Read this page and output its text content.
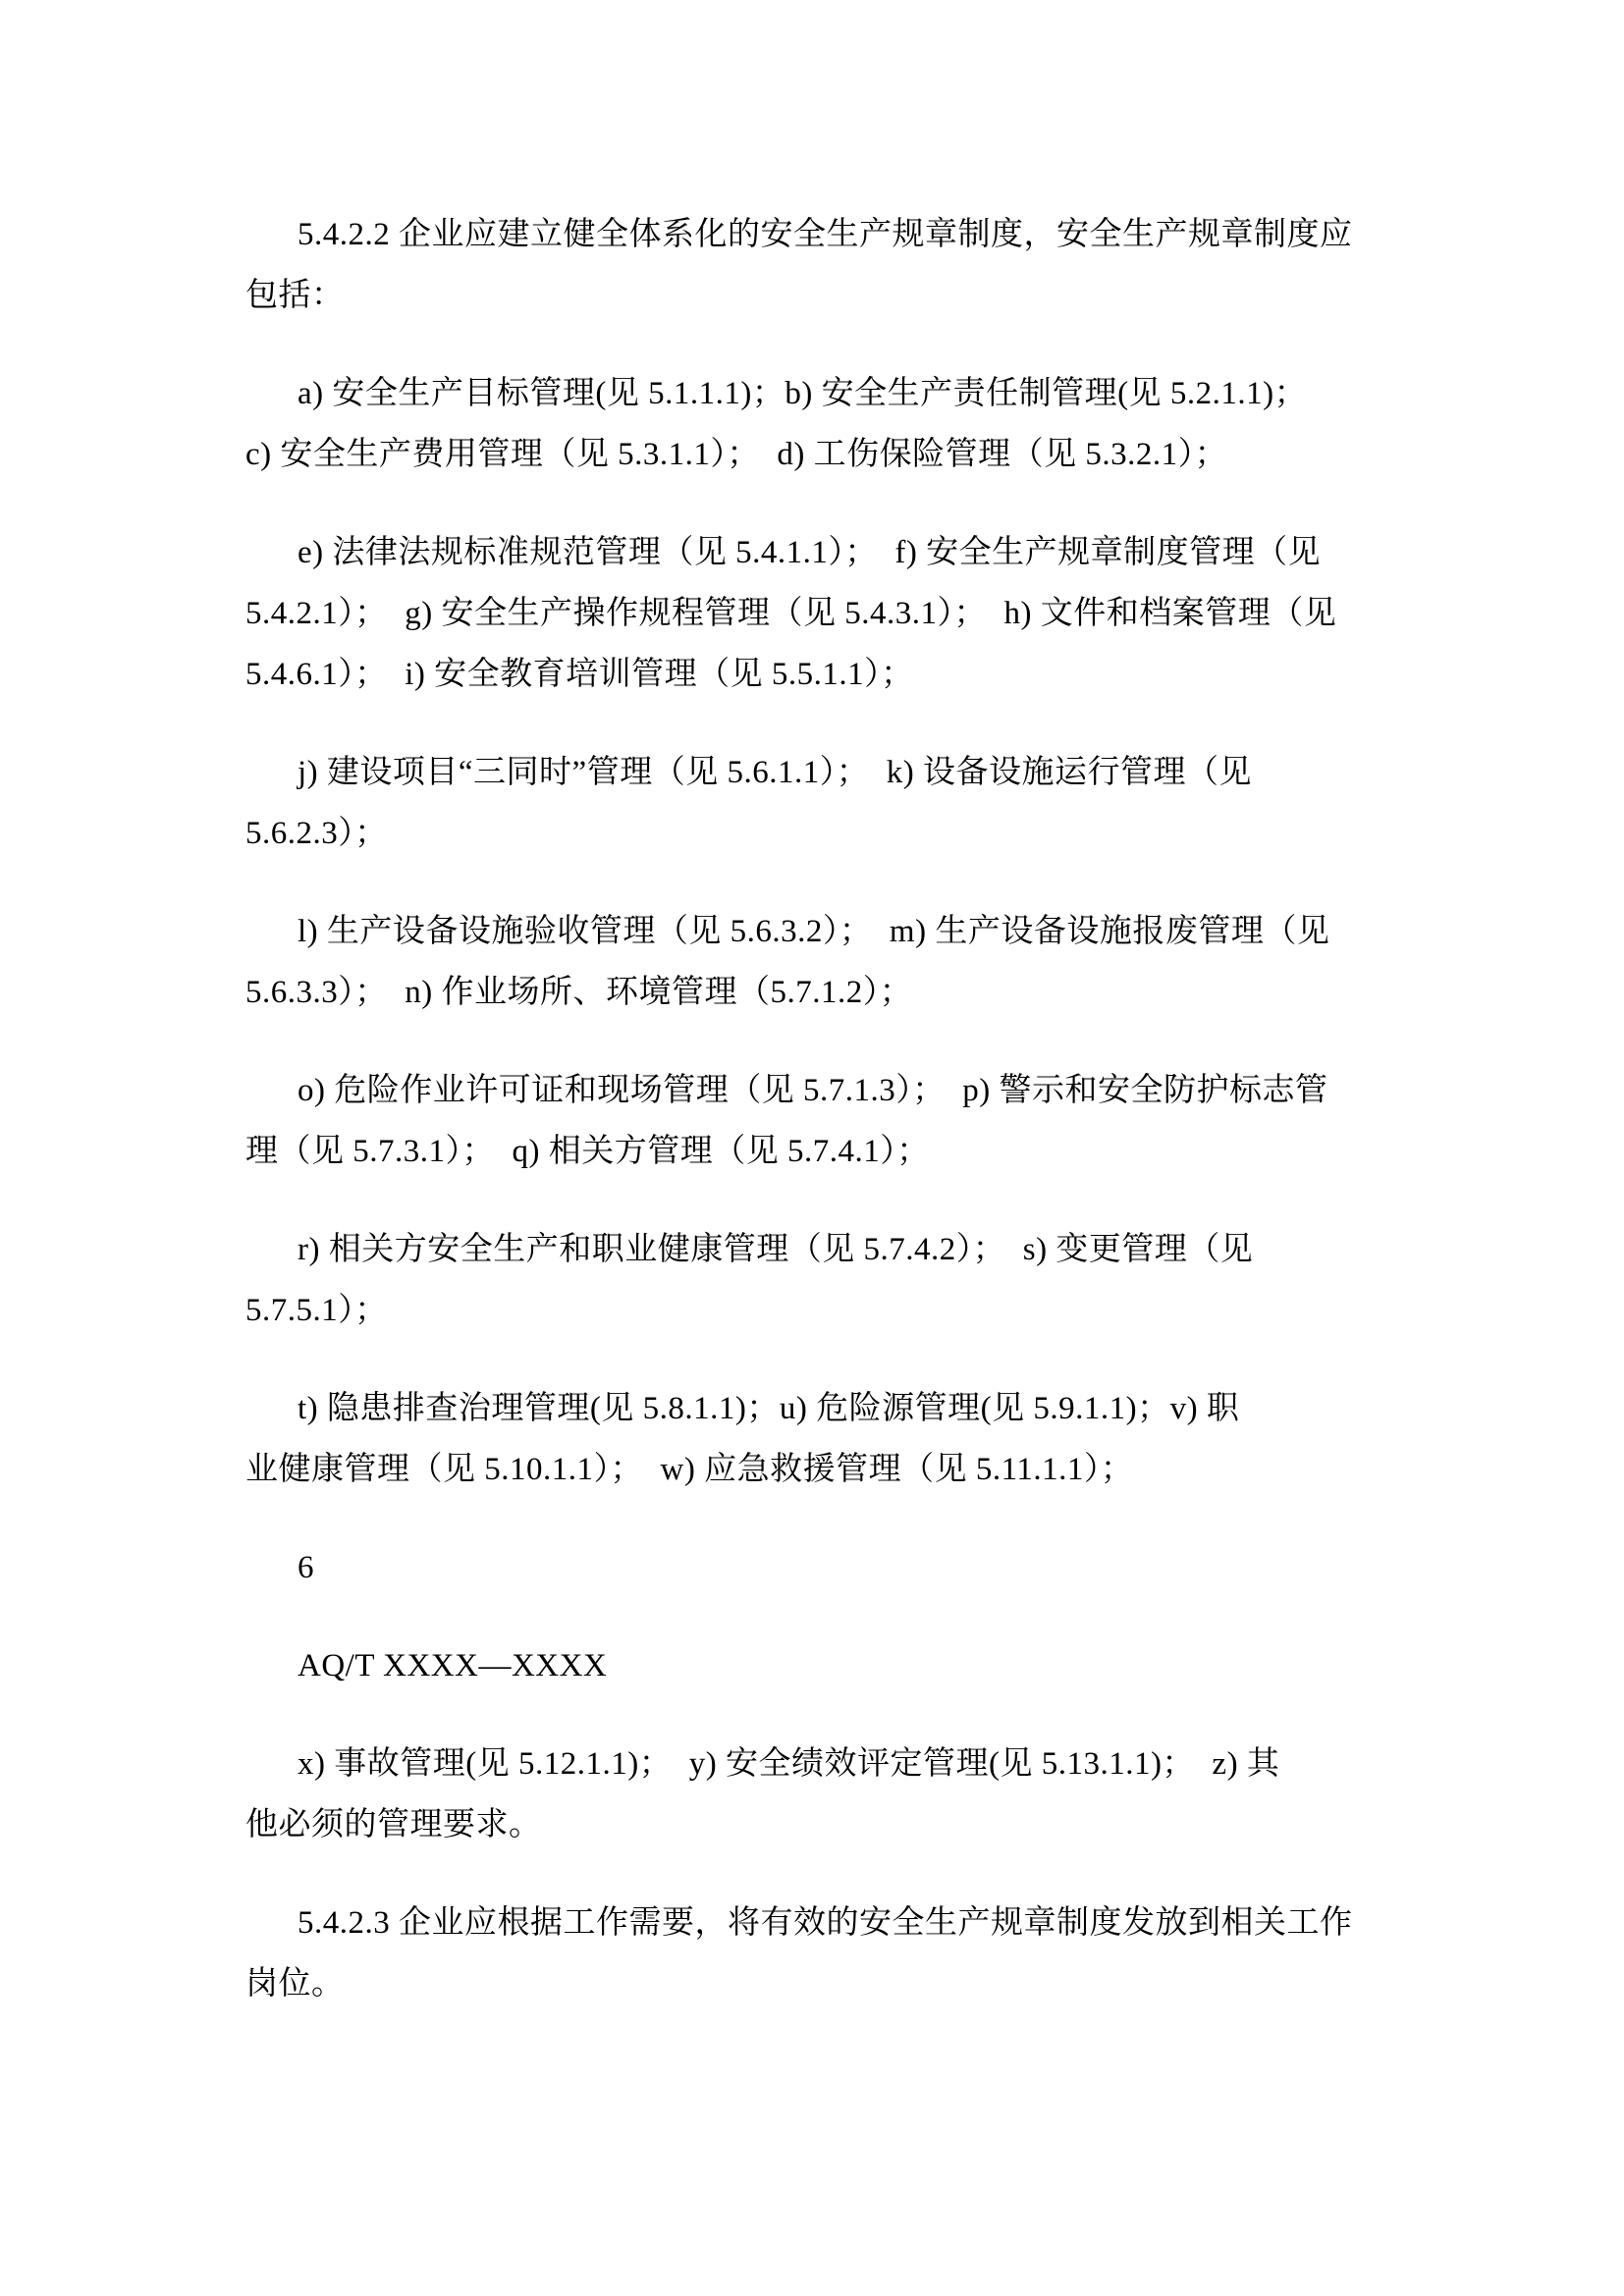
5.4.2.2 企业应建立健全体系化的安全生产规章制度，安全生产规章制度应
包括：
a) 安全生产目标管理(见 5.1.1.1)；b) 安全生产责任制管理(见 5.2.1.1)；
c) 安全生产费用管理（见 5.3.1.1）；  d) 工伤保险管理（见 5.3.2.1）；
e) 法律法规标准规范管理（见 5.4.1.1）；  f) 安全生产规章制度管理（见
5.4.2.1）；  g) 安全生产操作规程管理（见 5.4.3.1）；  h) 文件和档案管理（见
5.4.6.1）；  i) 安全教育培训管理（见 5.5.1.1）；
j) 建设项目“三同时”管理（见 5.6.1.1）；  k) 设备设施运行管理（见
5.6.2.3）；
l) 生产设备设施验收管理（见 5.6.3.2）；  m) 生产设备设施报废管理（见
5.6.3.3）；  n) 作业场所、环境管理（5.7.1.2）；
o) 危险作业许可证和现场管理（见 5.7.1.3）；  p) 警示和安全防护标志管
理（见 5.7.3.1）；  q) 相关方管理（见 5.7.4.1）；
r) 相关方安全生产和职业健康管理（见 5.7.4.2）；  s) 变更管理（见
5.7.5.1）；
t) 隐患排查治理管理(见 5.8.1.1)；u) 危险源管理(见 5.9.1.1)；v) 职
业健康管理（见 5.10.1.1）；  w) 应急救援管理（见 5.11.1.1）；
6
AQ/T XXXX—XXXX
x) 事故管理(见 5.12.1.1)；  y) 安全绩效评定管理(见 5.13.1.1)；  z) 其
他必须的管理要求。
5.4.2.3 企业应根据工作需要，将有效的安全生产规章制度发放到相关工作
岗位。
